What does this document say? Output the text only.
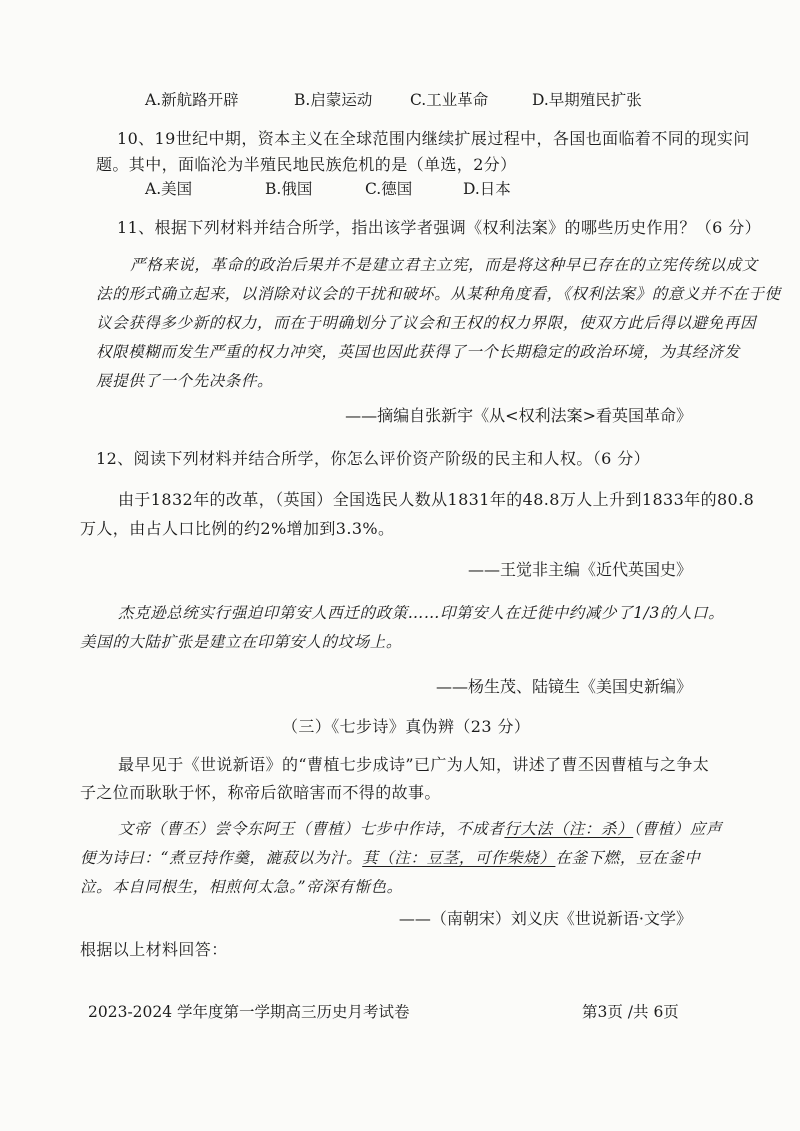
A.新航路开辟	B.启蒙运动 C.工业革命	D.早期殖民扩张
10、19世纪中期，资本主义在全球范围内继续扩展过程中，各国也面临着不同的现实问
题。其中，面临沦为半殖民地民族危机的是（单选，2分）
A.美国	B.俄国	C.德国	D.日本
11、根据下列材料并结合所学，指出该学者强调《权利法案》的哪些历史作用？（6 分）
严格来说，革命的政治后果并不是建立君主立宪，而是将这种早已存在的立宪传统以成文
法的形式确立起来，以消除对议会的干扰和破坏。从某种角度看，《权利法案》的意义并不在于使
议会获得多少新的权力，而在于明确划分了议会和王权的权力界限，使双方此后得以避免再因
权限模糊而发生严重的权力冲突，英国也因此获得了一个长期稳定的政治环境，为其经济发
展提供了一个先决条件。
——摘编自张新宇《从<权利法案>看英国革命》
12、阅读下列材料并结合所学，你怎么评价资产阶级的民主和人权。（6 分）
由于1832年的改革，（英国）全国选民人数从1831年的48.8万人上升到1833年的80.8
万人，由占人口比例的约2%增加到3.3%。
——王觉非主编《近代英国史》
杰克逊总统实行强迫印第安人西迁的政策……印第安人在迁徙中约减少了1/3的人口。
美国的大陆扩张是建立在印第安人的坟场上。
——杨生茂、陆镜生《美国史新编》
（三）《七步诗》真伪辨（23 分）
最早见于《世说新语》的“曹植七步成诗”已广为人知，讲述了曹丕因曹植与之争太
子之位而耿耿于怀，称帝后欲暗害而不得的故事。
文帝（曹丕）尝令东阿王（曹植）七步中作诗，不成者行大法（注：杀）（曹植）应声
便为诗曰：“煮豆持作羹，漉菽以为汁。萁（注：豆茎，可作柴烧）在釜下燃，豆在釜中
泣。本自同根生，相煎何太急。”帝深有惭色。
——（南朝宋）刘义庆《世说新语·文学》
根据以上材料回答：
2023-2024 学年度第一学期高三历史月考试卷	第3页 /共 6页
